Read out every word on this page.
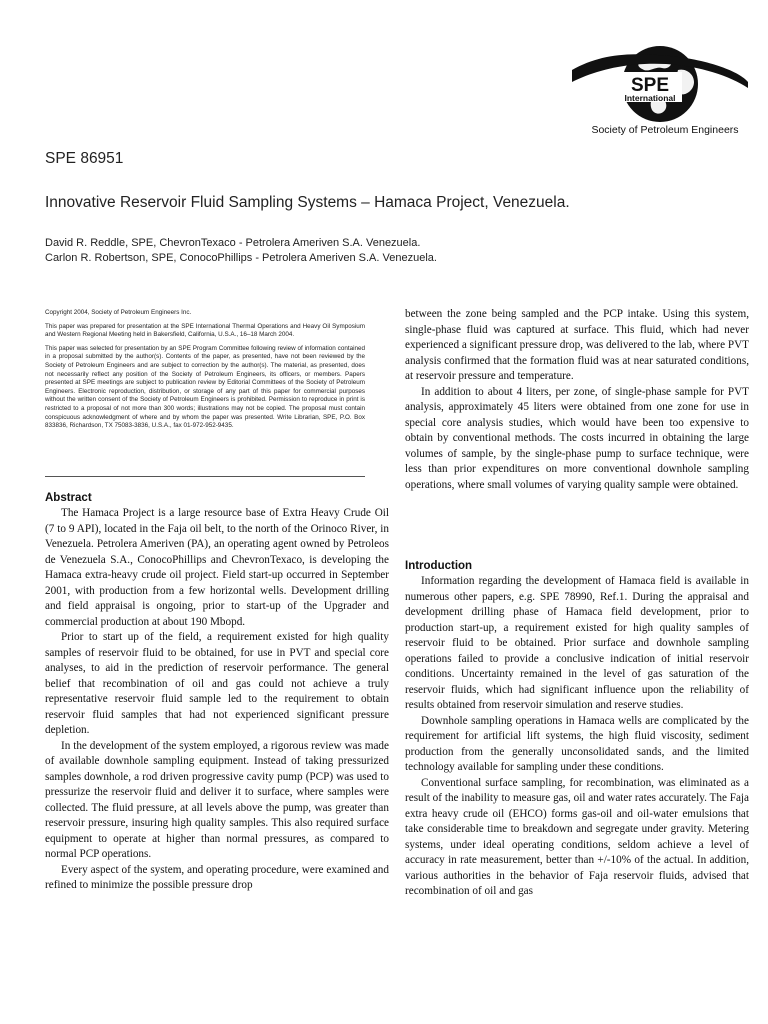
SPE
International
Society of Petroleum Engineers
SPE 86951
Innovative Reservoir Fluid Sampling Systems – Hamaca Project, Venezuela.
David R. Reddle, SPE, ChevronTexaco - Petrolera Ameriven S.A. Venezuela.
Carlon R. Robertson, SPE, ConocoPhillips - Petrolera Ameriven S.A. Venezuela.

Copyright 2004, Society of Petroleum Engineers Inc.

This paper was prepared for presentation at the SPE International Thermal Operations and Heavy Oil Symposium and Western Regional Meeting held in Bakersfield, California, U.S.A., 16–18 March 2004.

This paper was selected for presentation by an SPE Program Committee following review of information contained in a proposal submitted by the author(s). Contents of the paper, as presented, have not been reviewed by the Society of Petroleum Engineers and are subject to correction by the author(s). The material, as presented, does not necessarily reflect any position of the Society of Petroleum Engineers, its officers, or members. Papers presented at SPE meetings are subject to publication review by Editorial Committees of the Society of Petroleum Engineers. Electronic reproduction, distribution, or storage of any part of this paper for commercial purposes without the written consent of the Society of Petroleum Engineers is prohibited. Permission to reproduce in print is restricted to a proposal of not more than 300 words; illustrations may not be copied. The proposal must contain conspicuous acknowledgment of where and by whom the paper was presented. Write Librarian, SPE, P.O. Box 833836, Richardson, TX 75083-3836, U.S.A., fax 01-972-952-9435.

Abstract

The Hamaca Project is a large resource base of Extra Heavy Crude Oil (7 to 9 API), located in the Faja oil belt, to the north of the Orinoco River, in Venezuela. Petrolera Ameriven (PA), an operating agent owned by Petroleos de Venezuela S.A., ConocoPhillips and ChevronTexaco, is developing the Hamaca extra-heavy crude oil project. Field start-up occurred in September 2001, with production from a few horizontal wells. Development drilling and field appraisal is ongoing, prior to start-up of the Upgrader and commercial production at about 190 Mbopd.

Prior to start up of the field, a requirement existed for high quality samples of reservoir fluid to be obtained, for use in PVT and special core analyses, to aid in the prediction of reservoir performance. The general belief that recombination of oil and gas could not achieve a truly representative reservoir fluid sample led to the requirement to obtain reservoir fluid samples that had not experienced significant pressure depletion.

In the development of the system employed, a rigorous review was made of available downhole sampling equipment. Instead of taking pressurized samples downhole, a rod driven progressive cavity pump (PCP) was used to pressurize the reservoir fluid and deliver it to surface, where samples were collected. The fluid pressure, at all levels above the pump, was greater than reservoir pressure, insuring high quality samples. This also required surface equipment to operate at higher than normal pressures, as compared to normal PCP operations.

Every aspect of the system, and operating procedure, were examined and refined to minimize the possible pressure drop

between the zone being sampled and the PCP intake. Using this system, single-phase fluid was captured at surface. This fluid, which had never experienced a significant pressure drop, was delivered to the lab, where PVT analysis confirmed that the formation fluid was at near saturated conditions, at reservoir pressure and temperature.

In addition to about 4 liters, per zone, of single-phase sample for PVT analysis, approximately 45 liters were obtained from one zone for use in special core analysis studies, which would have been too expensive to obtain by conventional methods. The costs incurred in obtaining the large volumes of sample, by the single-phase pump to surface technique, were less than prior expenditures on more conventional downhole sampling operations, where small volumes of varying quality sample were obtained.

Introduction

Information regarding the development of Hamaca field is available in numerous other papers, e.g. SPE 78990, Ref.1. During the appraisal and development drilling phase of Hamaca field development, prior to production start-up, a requirement existed for high quality samples of reservoir fluid to be obtained. Prior surface and downhole sampling operations failed to provide a conclusive indication of initial reservoir conditions. Uncertainty remained in the level of gas saturation of the reservoir fluids, which had significant influence upon the reliability of results obtained from reservoir simulation and reserve studies.

Downhole sampling operations in Hamaca wells are complicated by the requirement for artificial lift systems, the high fluid viscosity, sediment production from the generally unconsolidated sands, and the limited technology available for sampling under these conditions.

Conventional surface sampling, for recombination, was eliminated as a result of the inability to measure gas, oil and water rates accurately. The Faja extra heavy crude oil (EHCO) forms gas-oil and oil-water emulsions that take considerable time to breakdown and segregate under gravity. Metering systems, under ideal operating conditions, seldom achieve a level of accuracy in rate measurement, better than +/-10% of the actual. In addition, various authorities in the behavior of Faja reservoir fluids, advised that recombination of oil and gas
